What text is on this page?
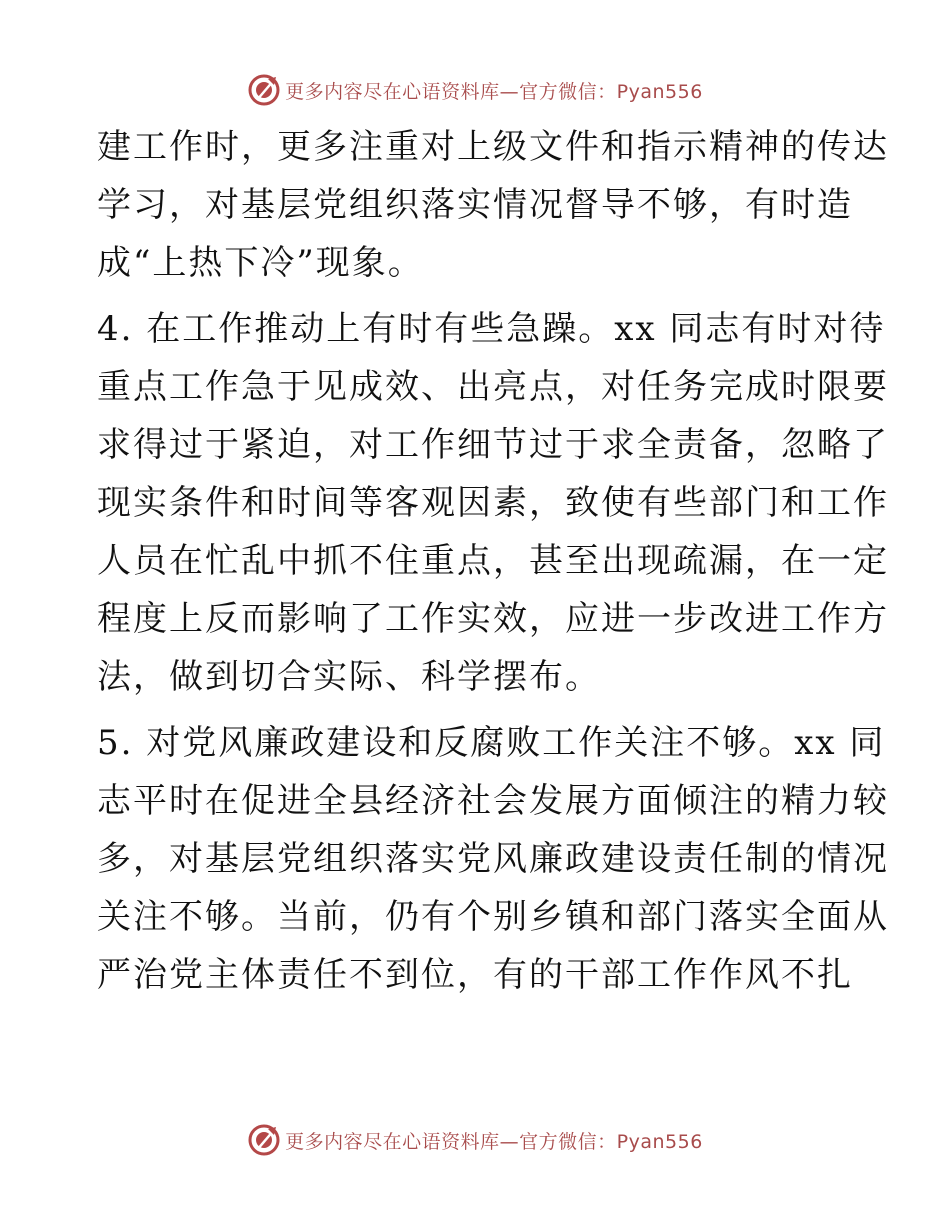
更多内容尽在心语资料库—官方微信：Pyan556
建工作时，更多注重对上级文件和指示精神的传达
学习，对基层党组织落实情况督导不够，有时造
成“上热下冷”现象。
4. 在工作推动上有时有些急躁。xx 同志有时对待
重点工作急于见成效、出亮点，对任务完成时限要
求得过于紧迫，对工作细节过于求全责备，忽略了
现实条件和时间等客观因素，致使有些部门和工作
人员在忙乱中抓不住重点，甚至出现疏漏，在一定
程度上反而影响了工作实效，应进一步改进工作方
法，做到切合实际、科学摆布。
5. 对党风廉政建设和反腐败工作关注不够。xx 同
志平时在促进全县经济社会发展方面倾注的精力较
多，对基层党组织落实党风廉政建设责任制的情况
关注不够。当前，仍有个别乡镇和部门落实全面从
严治党主体责任不到位，有的干部工作作风不扎
更多内容尽在心语资料库—官方微信：Pyan556
